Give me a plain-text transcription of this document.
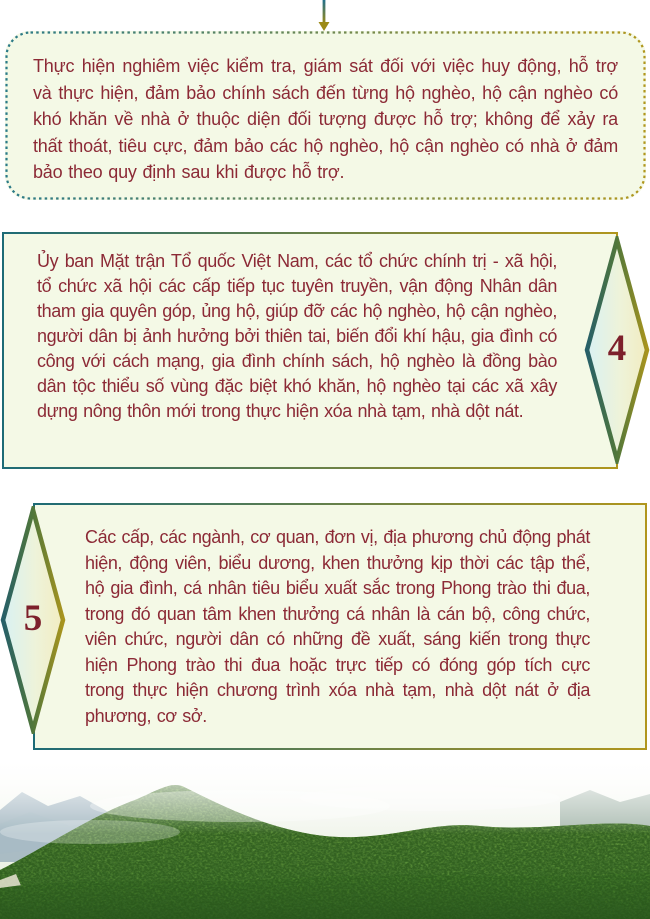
Thực hiện nghiêm việc kiểm tra, giám sát đối với việc huy động, hỗ trợ và thực hiện, đảm bảo chính sách đến từng hộ nghèo, hộ cận nghèo có khó khăn về nhà ở thuộc diện đối tượng được hỗ trợ; không để xảy ra thất thoát, tiêu cực, đảm bảo các hộ nghèo, hộ cận nghèo có nhà ở đảm bảo theo quy định sau khi được hỗ trợ.

Ủy ban Mặt trận Tổ quốc Việt Nam, các tổ chức chính trị - xã hội, tổ chức xã hội các cấp tiếp tục tuyên truyền, vận động Nhân dân tham gia quyên góp, ủng hộ, giúp đỡ các hộ nghèo, hộ cận nghèo, người dân bị ảnh hưởng bởi thiên tai, biến đổi khí hậu, gia đình có công với cách mạng, gia đình chính sách, hộ nghèo là đồng bào dân tộc thiểu số vùng đặc biệt khó khăn, hộ nghèo tại các xã xây dựng nông thôn mới trong thực hiện xóa nhà tạm, nhà dột nát.

4

Các cấp, các ngành, cơ quan, đơn vị, địa phương chủ động phát hiện, động viên, biểu dương, khen thưởng kịp thời các tập thể, hộ gia đình, cá nhân tiêu biểu xuất sắc trong Phong trào thi đua, trong đó quan tâm khen thưởng cá nhân là cán bộ, công chức, viên chức, người dân có những đề xuất, sáng kiến trong thực hiện Phong trào thi đua hoặc trực tiếp có đóng góp tích cực trong thực hiện chương trình xóa nhà tạm, nhà dột nát ở địa phương, cơ sở.

5
